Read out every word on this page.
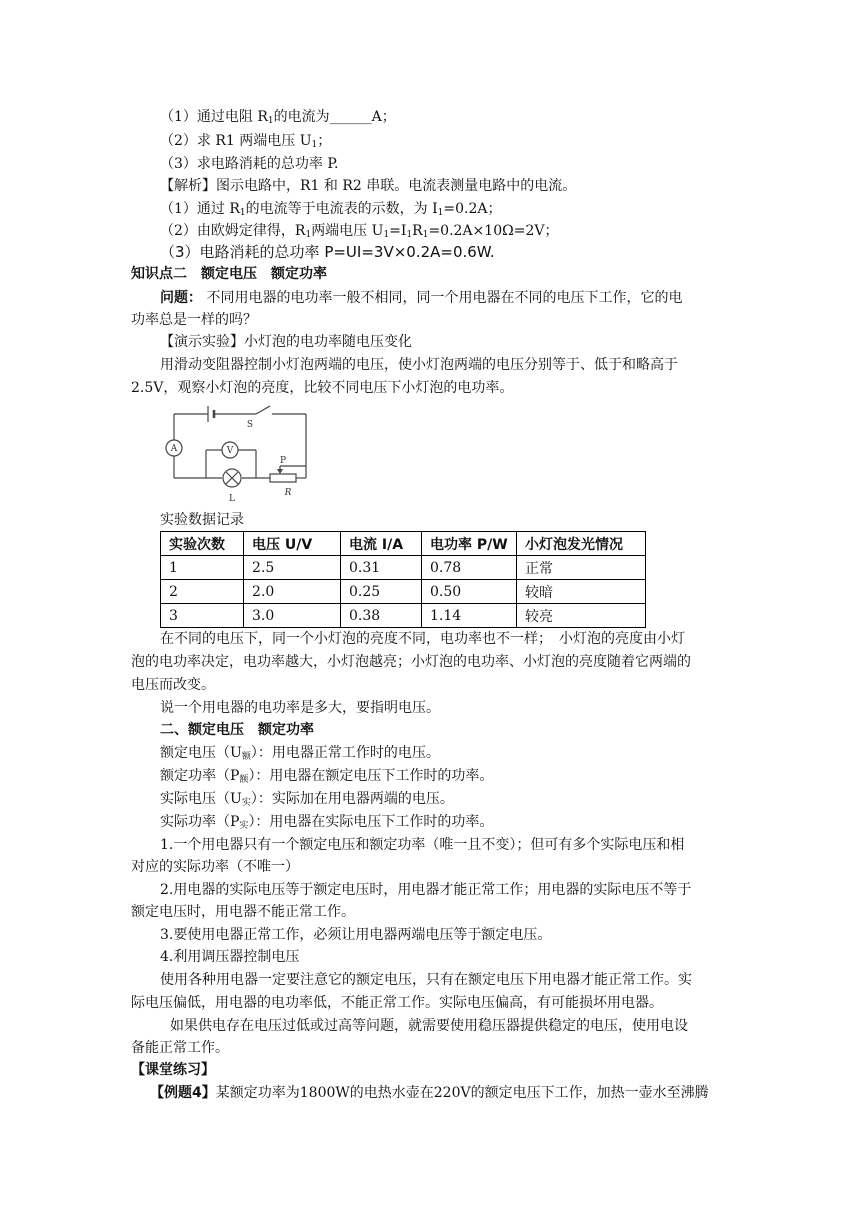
（1）通过电阻 $R_1$的电流为______A；
（2）求 R1 两端电压 $U_1$；
（3）求电路消耗的总功率 P.
【解析】图示电路中，R1 和 R2 串联。电流表测量电路中的电流。
（1）通过 $R_1$的电流等于电流表的示数，为 $I_1=0.2A$；
（2）由欧姆定律得，$R_1$两端电压 $U_1=I_1R_1=0.2A\times 10\Omega=2V$；
（3）电路消耗的总功率 P=UI=3V×0.2A=0.6W.
知识点二　额定电压　额定功率
问题： 不同用电器的电功率一般不相同，同一个用电器在不同的电压下工作，它的电
功率总是一样的吗？
【演示实验】小灯泡的电功率随电压变化
用滑动变阻器控制小灯泡两端的电压，使小灯泡两端的电压分别等于、低于和略高于
2.5V，观察小灯泡的亮度，比较不同电压下小灯泡的电功率。
A	V
S
L
P
R
实验数据记录
实验次数	电压 U/V	电流 I/A	电功率 P/W	小灯泡发光情况
1	2.5	0.31	0.78	正常
2	2.0	0.25	0.50	较暗
3	3.0	0.38	1.14	较亮
在不同的电压下，同一个小灯泡的亮度不同，电功率也不一样；　小灯泡的亮度由小灯
泡的电功率决定，电功率越大，小灯泡越亮；小灯泡的电功率、小灯泡的亮度随着它两端的
电压而改变。
说一个用电器的电功率是多大，要指明电压。
二、额定电压　额定功率
额定电压$(U_额)$：用电器正常工作时的电压。
额定功率$(P_额)$：用电器在额定电压下工作时的功率。
实际电压$(U_实)$：实际加在用电器两端的电压。
实际功率$(P_实)$：用电器在实际电压下工作时的功率。
1.一个用电器只有一个额定电压和额定功率（唯一且不变）；但可有多个实际电压和相
对应的实际功率（不唯一）
2.用电器的实际电压等于额定电压时，用电器才能正常工作；用电器的实际电压不等于
额定电压时，用电器不能正常工作。
3.要使用电器正常工作，必须让用电器两端电压等于额定电压。
4.利用调压器控制电压
使用各种用电器一定要注意它的额定电压，只有在额定电压下用电器才能正常工作。实
际电压偏低，用电器的电功率低，不能正常工作。实际电压偏高，有可能损坏用电器。
如果供电存在电压过低或过高等问题，就需要使用稳压器提供稳定的电压，使用电设
备能正常工作。
【课堂练习】
【例题4】某额定功率为1800W的电热水壶在220V的额定电压下工作，加热一壶水至沸腾
